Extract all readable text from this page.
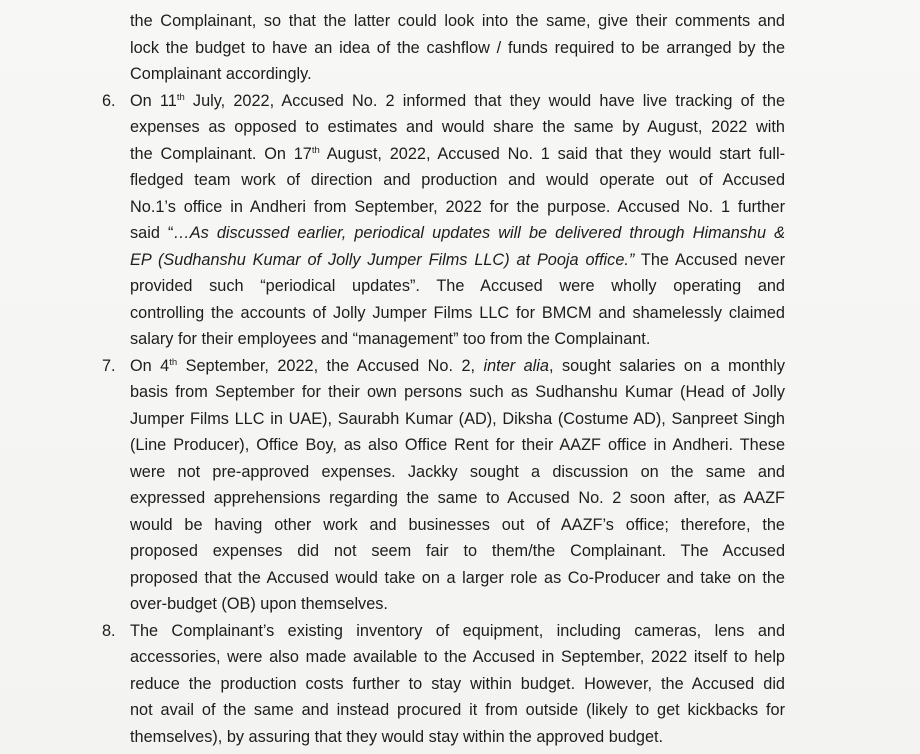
the Complainant, so that the latter could look into the same, give their comments and
lock the budget to have an idea of the cashflow / funds required to be arranged by the
Complainant accordingly.
6. On 11th July, 2022, Accused No. 2 informed that they would have live tracking of the
expenses as opposed to estimates and would share the same by August, 2022 with
the Complainant. On 17th August, 2022, Accused No. 1 said that they would start full-
fledged team work of direction and production and would operate out of Accused
No.1’s office in Andheri from September, 2022 for the purpose. Accused No. 1 further
said “…As discussed earlier, periodical updates will be delivered through Himanshu &
EP (Sudhanshu Kumar of Jolly Jumper Films LLC) at Pooja office.” The Accused never
provided such “periodical updates”. The Accused were wholly operating and
controlling the accounts of Jolly Jumper Films LLC for BMCM and shamelessly claimed
salary for their employees and “management” too from the Complainant.
7. On 4th September, 2022, the Accused No. 2, inter alia, sought salaries on a monthly
basis from September for their own persons such as Sudhanshu Kumar (Head of Jolly
Jumper Films LLC in UAE), Saurabh Kumar (AD), Diksha (Costume AD), Sanpreet Singh
(Line Producer), Office Boy, as also Office Rent for their AAZF office in Andheri. These
were not pre-approved expenses. Jackky sought a discussion on the same and
expressed apprehensions regarding the same to Accused No. 2 soon after, as AAZF
would be having other work and businesses out of AAZF’s office; therefore, the
proposed expenses did not seem fair to them/the Complainant. The Accused
proposed that the Accused would take on a larger role as Co-Producer and take on the
over-budget (OB) upon themselves.
8. The Complainant’s existing inventory of equipment, including cameras, lens and
accessories, were also made available to the Accused in September, 2022 itself to help
reduce the production costs further to stay within budget. However, the Accused did
not avail of the same and instead procured it from outside (likely to get kickbacks for
themselves), by assuring that they would stay within the approved budget.
